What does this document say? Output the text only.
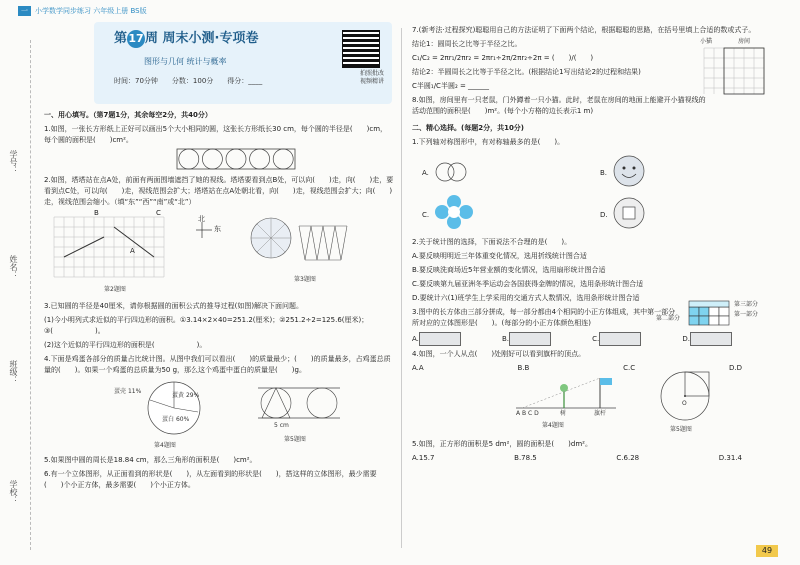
一	小学数学同步练习 六年级上册 BS版
学号：
姓名：
班级：
学校：
第17周 周末小测·专项卷
图形与几何 统计与概率
时间：70分钟 分数：100分 得分：____
拍照批改
视频精讲
一、用心填写。（第7题1分，其余每空2分，共40分）
1.如图，一张长方形纸上正好可以画出5个大小相同的圆，这张长方形纸长30 cm，每个圆的半径是(　　)cm，每个圆的面积是(　　)cm²。
2.如图，塔塔站在点A处，前面有两面围墙遮挡了她的视线。塔塔要看到点B处，可以向(　　)走，向(　　)走，要看到点C处，可以向(　　)走，视线范围会扩大；塔塔站在点A处朝北看，向(　　)走，视线范围会扩大；向(　　)走，视线范围会缩小。（填“东”“西”“南”或“北”）
B	C
A
北
东
第2题图
第3题图
3.已知圆的半径是40厘米，请你根据圆的面积公式的推导过程(如图)解决下面问题。
(1)今小明列式求近似的平行四边形的面积。①3.14×2×40=251.2(厘米)；②251.2÷2=125.6(厘米)；③(　　　　　　)。
(2)这个近似的平行四边形的面积是(　　　　　　)。
4.下面是鸡蛋各部分的质量占比统计图。从图中我们可以看出(　　)的质量最少；(　　)的质量最多，占鸡蛋总质量的(　　)。如果一个鸡蛋的总质量为50 g，那么这个鸡蛋中蛋白的质量是(　　)g。
蛋壳 11%
蛋黄 29%
蛋白 60%
5 cm
第4题图
第5题图
5.如果图中圆的周长是18.84 cm，那么三角形的面积是(　　)cm²。
6.有一个立体图形，从正面看到的形状是(　　)，从左面看到的形状是(　　)，搭这样的立体图形，最少需要(　　)个小正方体，最多需要(　　)个小正方体。
7.(新考法·过程探究)聪聪用自己的方法证明了下面两个结论，根据聪聪的思路，在括号里填上合适的数或式子。
结论1：圆周长之比等于半径之比。
C₁/C₂ = 2πr₁/2πr₂ = 2πr₁÷2π/2πr₂÷2π = (　　)/(　　)
结论2：半圆周长之比等于半径之比。(根据结论1写出结论2的过程和结果)
C半圆₁/C半圆₂ = ______
小猫	房间
8.如图，房间里有一只老鼠，门外蹲着一只小猫。此时，老鼠在房间的地面上能避开小猫视线的活动范围的面积是(　　)m²。(每个小方格的边长表示1 m)
二、精心选择。(每题2分，共10分)
1.下列轴对称图形中，有对称轴最多的是(　　)。
A.	B.
C.	D.
2.关于统计图的选择，下面说法不合理的是(　　)。
A.要反映明明近三年体重变化情况，选用折线统计图合适
B.要反映洗商场近5年营业额的变化情况，选用扇形统计图合适
C.要反映第九届亚洲冬季运动会各国获得金牌的情况，选用条形统计图合适
D.要统计六(1)班学生上学采用的交通方式人数情况，选用条形统计图合适
3.图中的长方体由三部分拼成，每一部分都由4个相同的小正方体组成，其中第一部分所对应的立体图形是(　　)。(每部分的小正方体颜色相连)
第三部分
第一部分
第二部分
A.	B.	C.	D.
4.如图，一个人从点(　　)处刚好可以看到旗杆的顶点。
A.A	B.B	C.C	D.D
A B C D	树	旗杆
第4题图
O
第5题图
5.如图，正方形的面积是5 dm²，圆的面积是(　　)dm²。
A.15.7	B.78.5	C.6.28	D.31.4
49
